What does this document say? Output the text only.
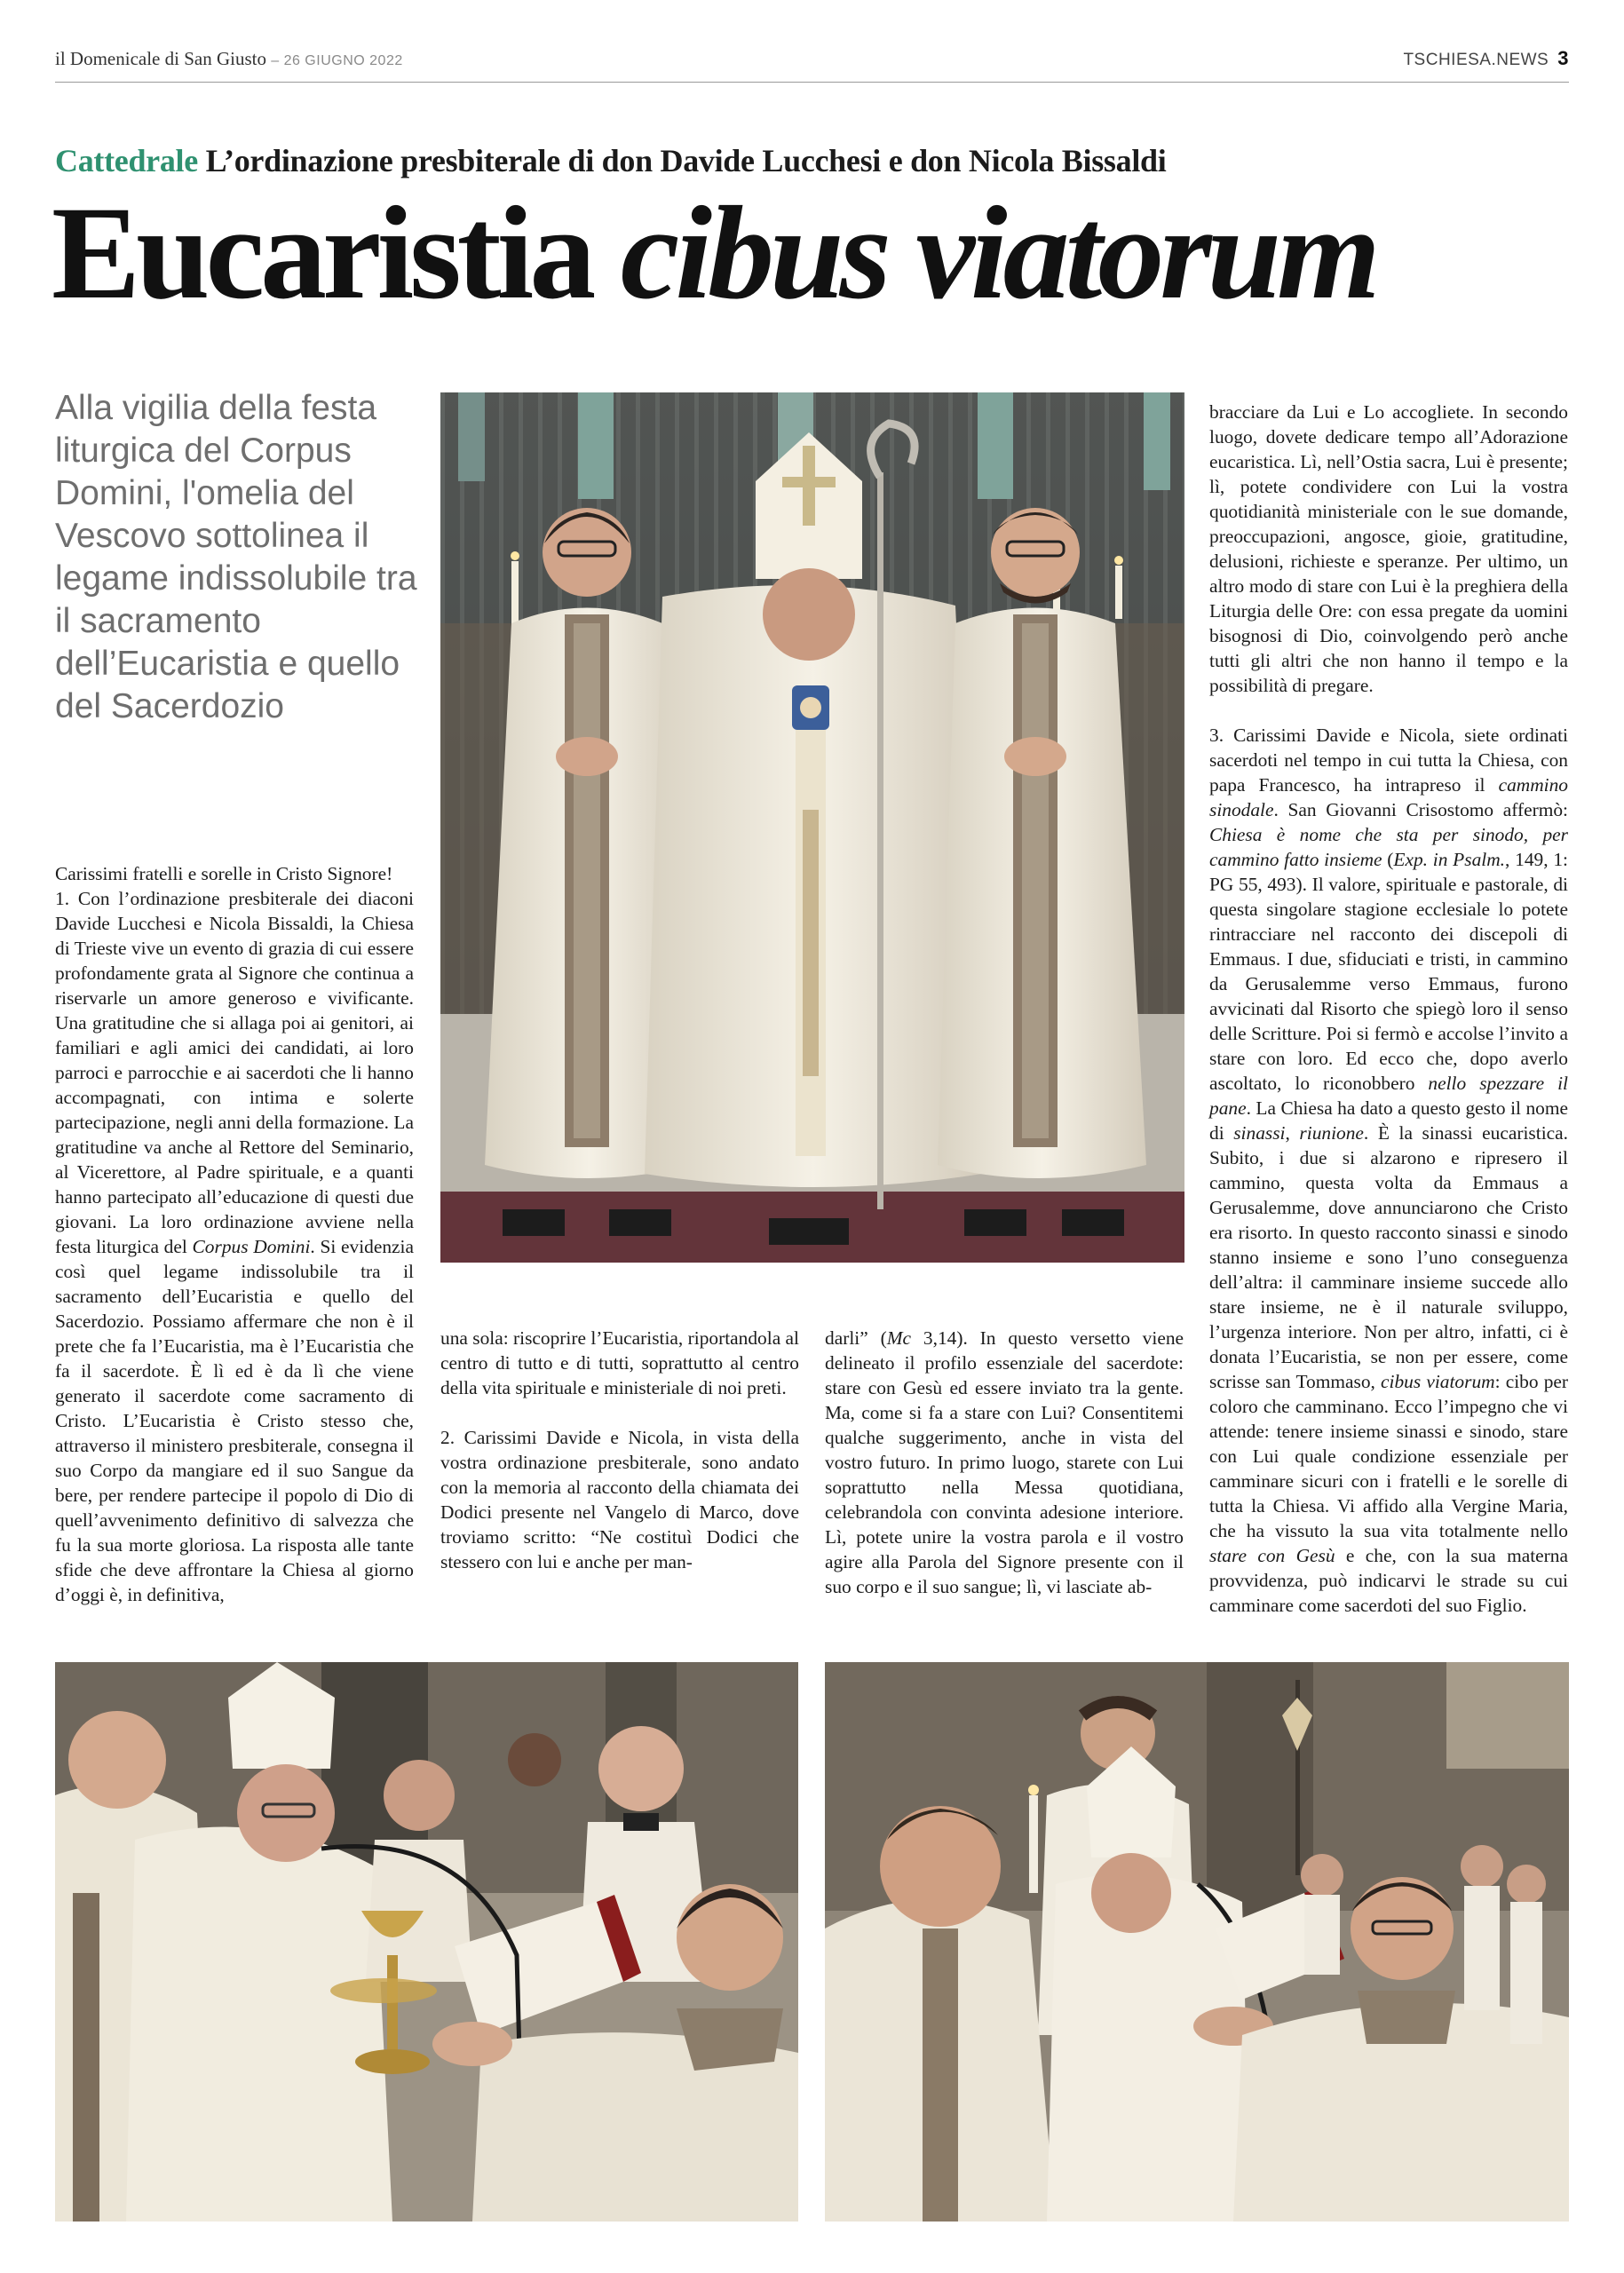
il Domenicale di San Giusto – 26 GIUGNO 2022	TSCHIESA.NEWS 3
Cattedrale L’ordinazione presbiterale di don Davide Lucchesi e don Nicola Bissaldi
Eucaristia cibus viatorum
Alla vigilia della festa liturgica del Corpus Domini, l'omelia del Vescovo sottolinea il legame indissolubile tra il sacramento dell’Eucaristia e quello del Sacerdozio

Carissimi fratelli e sorelle in Cristo Signore!

1. Con l’ordinazione presbiterale dei diaconi Davide Lucchesi e Nicola Bissaldi, la Chiesa di Trieste vive un evento di grazia di cui essere profondamente grata al Signore che continua a riservarle un amore generoso e vivificante. Una gratitudine che si allaga poi ai genitori, ai familiari e agli amici dei candidati, ai loro parroci e parrocchie e ai sacerdoti che li hanno accompagnati, con intima e solerte partecipazione, negli anni della formazione. La gratitudine va anche al Rettore del Seminario, al Vicerettore, al Padre spirituale, e a quanti hanno partecipato all’educazione di questi due giovani. La loro ordinazione avviene nella festa liturgica del Corpus Domini. Si evidenzia così quel legame indissolubile tra il sacramento dell’Eucaristia e quello del Sacerdozio. Possiamo affermare che non è il prete che fa l’Eucaristia, ma è l’Eucaristia che fa il sacerdote. È lì ed è da lì che viene generato il sacerdote come sacramento di Cristo. L’Eucaristia è Cristo stesso che, attraverso il ministero presbiterale, consegna il suo Corpo da mangiare ed il suo Sangue da bere, per rendere partecipe il popolo di Dio di quell’avvenimento definitivo di salvezza che fu la sua morte gloriosa. La risposta alle tante sfide che deve affrontare la Chiesa al giorno d’oggi è, in definitiva,

una sola: riscoprire l’Eucaristia, riportandola al centro di tutto e di tutti, soprattutto al centro della vita spirituale e ministeriale di noi preti.

2. Carissimi Davide e Nicola, in vista della vostra ordinazione presbiterale, sono andato con la memoria al racconto della chiamata dei Dodici presente nel Vangelo di Marco, dove troviamo scritto: “Ne costituì Dodici che stessero con lui e anche per man-

darli” (Mc 3,14). In questo versetto viene delineato il profilo essenziale del sacerdote: stare con Gesù ed essere inviato tra la gente. Ma, come si fa a stare con Lui? Consentitemi qualche suggerimento, anche in vista del vostro futuro. In primo luogo, starete con Lui soprattutto nella Messa quotidiana, celebrandola con convinta adesione interiore. Lì, potete unire la vostra parola e il vostro agire alla Parola del Signore presente con il suo corpo e il suo sangue; lì, vi lasciate ab-

bracciare da Lui e Lo accogliete. In secondo luogo, dovete dedicare tempo all’Adorazione eucaristica. Lì, nell’Ostia sacra, Lui è presente; lì, potete condividere con Lui la vostra quotidianità ministeriale con le sue domande, preoccupazioni, angosce, gioie, gratitudine, delusioni, richieste e speranze. Per ultimo, un altro modo di stare con Lui è la preghiera della Liturgia delle Ore: con essa pregate da uomini bisognosi di Dio, coinvolgendo però anche tutti gli altri che non hanno il tempo e la possibilità di pregare.

3. Carissimi Davide e Nicola, siete ordinati sacerdoti nel tempo in cui tutta la Chiesa, con papa Francesco, ha intrapreso il cammino sinodale. San Giovanni Crisostomo affermò: Chiesa è nome che sta per sinodo, per cammino fatto insieme (Exp. in Psalm., 149, 1: PG 55, 493). Il valore, spirituale e pastorale, di questa singolare stagione ecclesiale lo potete rintracciare nel racconto dei discepoli di Emmaus. I due, sfiduciati e tristi, in cammino da Gerusalemme verso Emmaus, furono avvicinati dal Risorto che spiegò loro il senso delle Scritture. Poi si fermò e accolse l’invito a stare con loro. Ed ecco che, dopo averlo ascoltato, lo riconobbero nello spezzare il pane. La Chiesa ha dato a questo gesto il nome di sinassi, riunione. È la sinassi eucaristica. Subito, i due si alzarono e ripresero il cammino, questa volta da Emmaus a Gerusalemme, dove annunciarono che Cristo era risorto. In questo racconto sinassi e sinodo stanno insieme e sono l’uno conseguenza dell’altra: il camminare insieme succede allo stare insieme, ne è il naturale sviluppo, l’urgenza interiore. Non per altro, infatti, ci è donata l’Eucaristia, se non per essere, come scrisse san Tommaso, cibus viatorum: cibo per coloro che camminano. Ecco l’impegno che vi attende: tenere insieme sinassi e sinodo, stare con Lui quale condizione essenziale per camminare sicuri con i fratelli e le sorelle di tutta la Chiesa. Vi affido alla Vergine Maria, che ha vissuto la sua vita totalmente nello stare con Gesù e che, con la sua materna provvidenza, può indicarvi le strade su cui camminare come sacerdoti del suo Figlio.
